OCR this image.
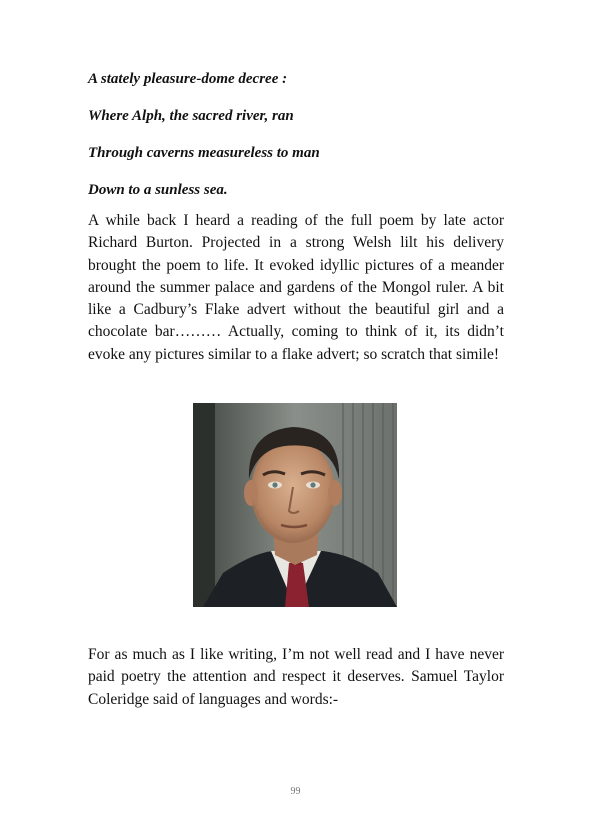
A stately pleasure-dome decree :
Where Alph, the sacred river, ran
Through caverns measureless to man
Down to a sunless sea.
A while back I heard a reading of the full poem by late actor Richard Burton. Projected in a strong Welsh lilt his delivery brought the poem to life. It evoked idyllic pictures of a meander around the summer palace and gardens of the Mongol ruler. A bit like a Cadbury’s Flake advert without the beautiful girl and a chocolate bar……… Actually, coming to think of it, its didn’t evoke any pictures similar to a flake advert; so scratch that simile!
For as much as I like writing, I’m not well read and I have never paid poetry the attention and respect it deserves. Samuel Taylor Coleridge said of languages and words:-
99
